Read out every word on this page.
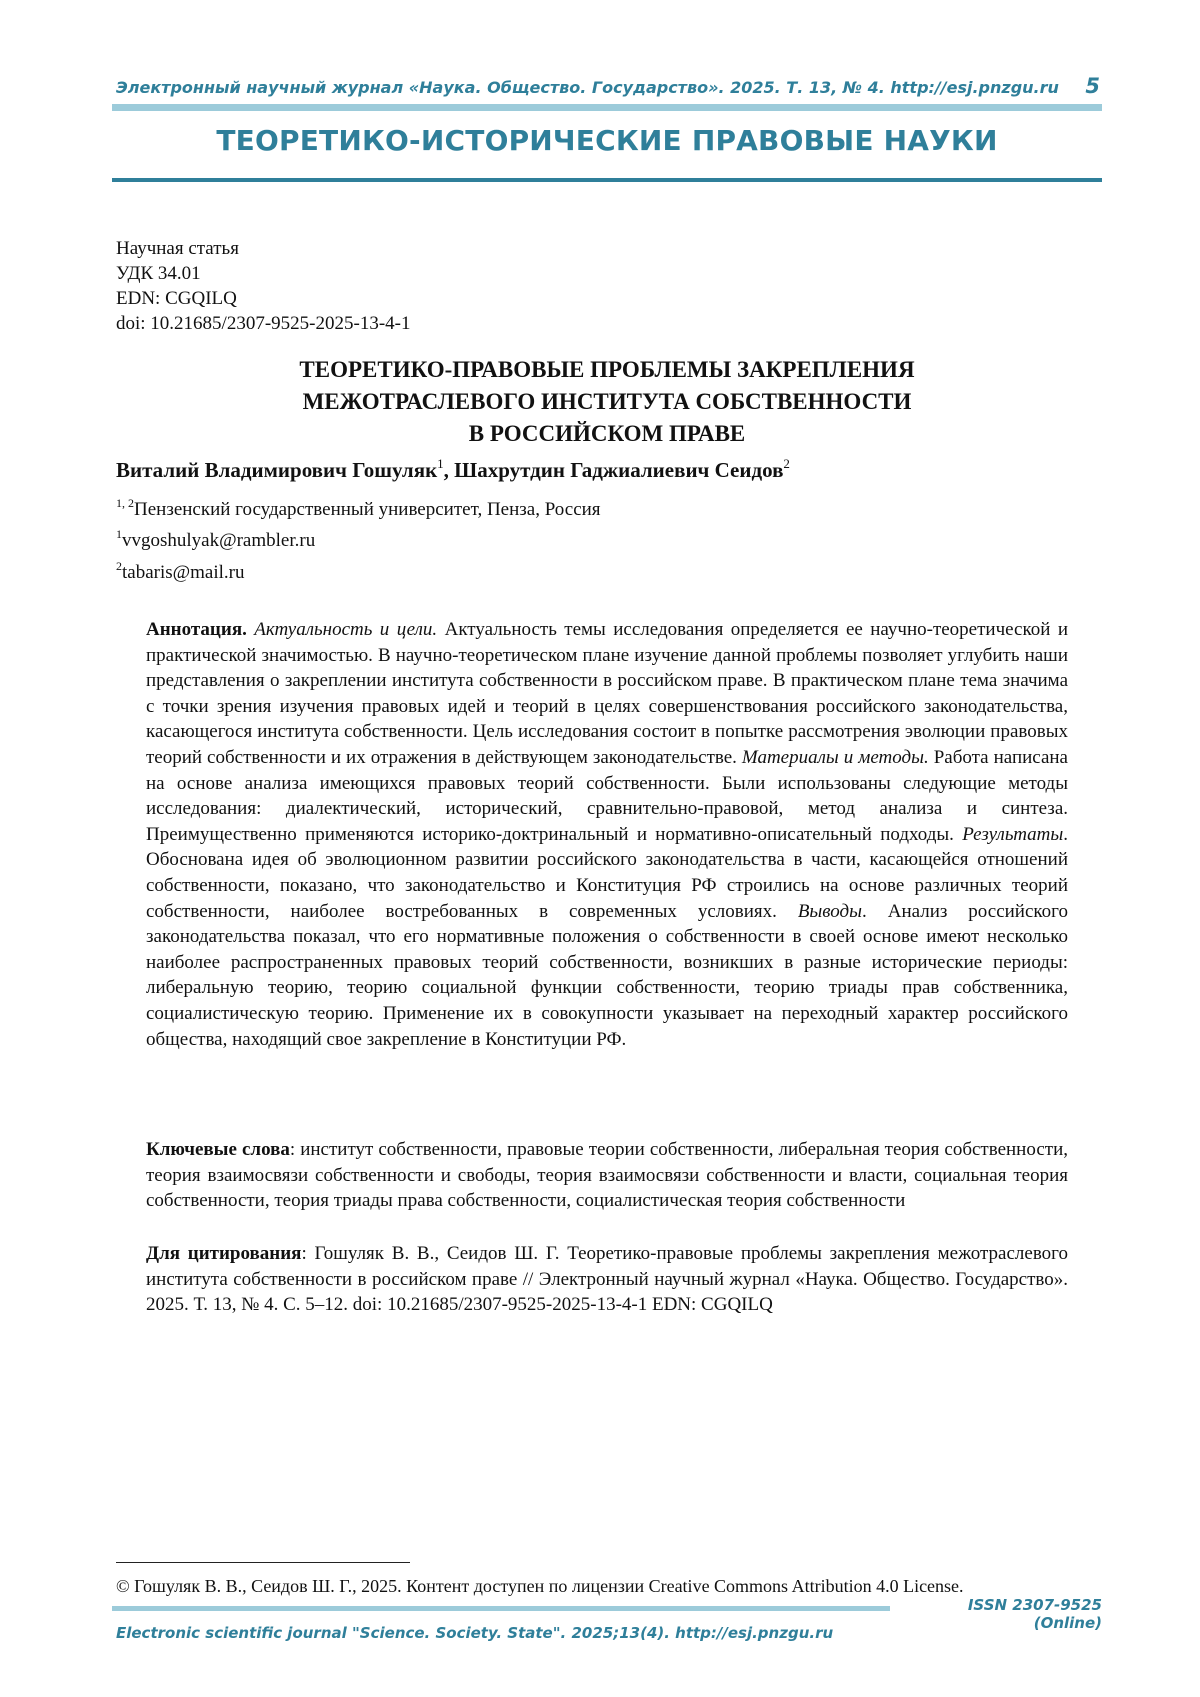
Электронный научный журнал «Наука. Общество. Государство». 2025. Т. 13, № 4. http://esj.pnzgu.ru 5
ТЕОРЕТИКО-ИСТОРИЧЕСКИЕ ПРАВОВЫЕ НАУКИ
Научная статья
УДК 34.01
EDN: CGQILQ
doi: 10.21685/2307-9525-2025-13-4-1
ТЕОРЕТИКО-ПРАВОВЫЕ ПРОБЛЕМЫ ЗАКРЕПЛЕНИЯ
МЕЖОТРАСЛЕВОГО ИНСТИТУТА СОБСТВЕННОСТИ
В РОССИЙСКОМ ПРАВЕ
Виталий Владимирович Гошуляк$^1$, Шахрутдин Гаджиалиевич Сеидов$^2$
$^{1, 2}$Пензенский государственный университет, Пенза, Россия
$^1$vvgoshulyak@rambler.ru
$^2$tabaris@mail.ru

Аннотация. Актуальность и цели. Актуальность темы исследования определяется ее научно-теоретической и практической значимостью. В научно-теоретическом плане изучение данной проблемы позволяет углубить наши представления о закреплении института собственности в российском праве. В практическом плане тема значима с точки зрения изучения правовых идей и теорий в целях совершенствования российского законодательства, касающегося института собственности. Цель исследования состоит в попытке рассмотрения эволюции правовых теорий собственности и их отражения в действующем законодательстве. Материалы и методы. Работа написана на основе анализа имеющихся правовых теорий собственности. Были использованы следующие методы исследования: диалектический, исторический, сравнительно-правовой, метод анализа и синтеза. Преимущественно применяются историко-доктринальный и нормативно-описательный подходы. Результаты. Обоснована идея об эволюционном развитии российского законодательства в части, касающейся отношений собственности, показано, что законодательство и Конституция РФ строились на основе различных теорий собственности, наиболее востребованных в современных условиях. Выводы. Анализ российского законодательства показал, что его нормативные положения о собственности в своей основе имеют несколько наиболее распространенных правовых теорий собственности, возникших в разные исторические периоды: либеральную теорию, теорию социальной функции собственности, теорию триады прав собственника, социалистическую теорию. Применение их в совокупности указывает на переходный характер российского общества, находящий свое закрепление в Конституции РФ.

Ключевые слова: институт собственности, правовые теории собственности, либеральная теория собственности, теория взаимосвязи собственности и свободы, теория взаимосвязи собственности и власти, социальная теория собственности, теория триады права собственности, социалистическая теория собственности
Для цитирования: Гошуляк В. В., Сеидов Ш. Г. Теоретико-правовые проблемы закрепления межотраслевого института собственности в российском праве // Электронный научный журнал «Наука. Общество. Государство». 2025. Т. 13, № 4. С. 5–12. doi: 10.21685/2307-9525-2025-13-4-1 EDN: CGQILQ
© Гошуляк В. В., Сеидов Ш. Г., 2025. Контент доступен по лицензии Creative Commons Attribution 4.0 License.
ISSN 2307-9525 (Online)
Electronic scientific journal "Science. Society. State". 2025;13(4). http://esj.pnzgu.ru
